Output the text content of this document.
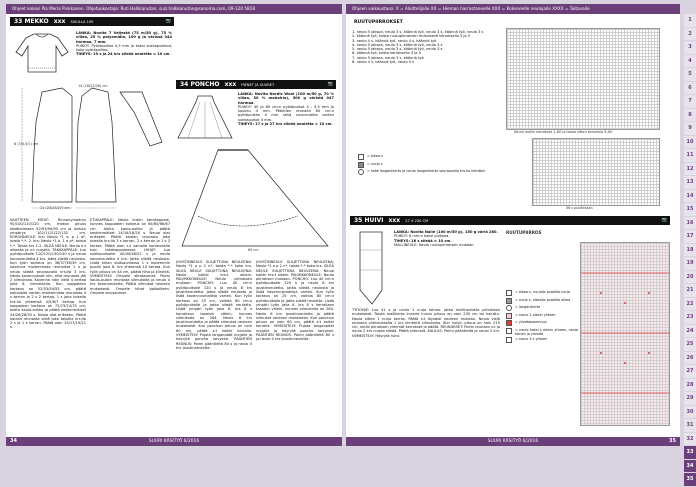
Ohjeet kokosi Pia Meria Pinkkanen. Ohjetuokostaja: Ruti Halkkanutan, suzi.halkkanutan@sanoma.com, 09-120 5818
33 MEKKO xxx SIVULLA 109	📷
LANKA: Novita 7 Veljestä (75 m/50 g), 75 % villaa, 25 % polyamidia, 100 g ja värissä 044 harmaa, 7 mm.
PUIKOT: Pyöröpuikko 4,5 mm ja kaksi sukkapuikkoa; koko pyöröpuikko.
TIHEYS: 19 s ja 24 krs sileää neuletta = 10 cm.
8 (3/4,5/1) cm
14 (18/22/26) cm
21 (23/25/27) cm
VAATTEEN MITAT: Rinnanympärys 90/100/110/120 cm, mekon pituus kesähelmaan 92/93/94/95 cm ja lantion ympärys 102/112/122/132 cm. KORONNEULE: krs: Neulo *1 o, p 1 o*, toista *-*. 2. krs: Neulo *1 o, 1 o p*, toista *-*. Toista krs 1-2. SILEÄ NEULE: Neulo o:t oikealla ja n:t nurjalla. TAKAKAPPALE: Luo pyöröpuikolle 110/120/130/140 s ja neulo koronneuletta 4 krs. Jatka sileää neulosta. Kun työn korkeus on 36/37/38/39 cm, kavenna molemmista reunoista 1 s ja neulo sileää seuraavalla krs:lla 3 krs. Neulo kavennukset niin, että reunasta jää 2 silmukkaa. Kavenna näin vielä 4 kertaa joka 6. kerroksella. Kun kappaleen korkeus on 52/53/54/55 cm, päätä kainaloita varten molemmista reunoista 4 s kerran ja 2 s 2 kertaa, 1 s joka toisella krs:lla yhteensä 4/5/6/7 kertaa. Kun kappaleen korkeus on 72/73/74/75 cm, aloita kaula-aukko ja päätä keskimmäiset 24/26/28/30 s. Neulo olat erikseen. Päätä kaulan reunasta vielä joka toisella krs:lla 2 s ja 1 s kerran. Päätä olan 15/17/19/21 s.
ETUKAPPALE: Neulo kuten takakappale, kunnes kappaleen korkeus on 64/65/66/67 cm. Aloita kaula-aukko ja päätä keskimmäiset 14/16/18/20 s. Neulo olat erikseen. Päätä kaulan reunasta joka toisella krs:lla 3 s kerran, 2 s kerran ja 1 s 3 kertaa. Päätä olan s:t samalla korkeudella kuin takakappaleessa. HIHAT: Luo sukkapuikoille 40/44/48/52 s ja neulo koronneuletta 4 krs. Jatka sileää neulosta. Lisää hihan sisäsaumassa 1 s molemmin puolin joka 8. krs yhteensä 10 kertaa. Kun työn pituus on 44 cm, päätä hiha ja kiinnitä. VIIMEISTELY: Ompele olkasaumat. Poimi kaula-aukon reunasta silmukoita ja neulo 4 krs koronneuletta. Päätä silmukat neuleen mukaisesti. Ompele hihat paikoilleen. Ompele sivusaumat.
34 PONCHO xxx PIENET JA SUURET	📷
LANKA: Novita Nordic Wool (100 m/50 g, 70 % villaa, 30 % mohairia), 300 g väristä 047 harmaa.
PUIKOT: 40 ja 80 cm:n pyöröpuikot 4 - 4,5 mm ja koukku 4 mm. Pääntien reunaan 60 cm:n pyöröpuikko 4 mm sekä sivuneuleita varten sukkapuikot 4 mm.
TIHEYS: 17 s ja 27 krs sileää neuletta = 10 cm.
60 cm
JOUSTINNEULE SULJETTUNA NEULEENA: Neulo *1 o p 2 n*, toista *-* koko krs. SILEÄ NEULE SULJETTUNA NEULEENA: Neulo kaikki krs:t oikein. PALMIKKONEULE: Neulo piirroksen mukaan. PONCHO: Luo 40 cm:n pyöröpuikolle 120 s ja neulo 8 krs joustinneuletta. Jatka sileää neulosta ja lisää kavennusmalleja varten. Kun työn korkeus on 25 cm, vaihda 80 cm:n pyöröpuikolle ja jatka sileää neuletta. Lisää ympäri työn joka 6. krs 8 s kerrallaan tasaisin välein, kunnes silmukoita on 264. Neulo 6 krs joustinneuletta ja päätä silmukat neuleen mukaisesti. Kun ponchon pituus on noin 60 cm, päätä s:t kaikki kerralla. VIIMEISTELY: Pujota langanpäät nurjalle ja höyrytä poncho kevyesti. PÄÄNTIEN REUNUS: Poimi pääntieltä 80 s ja neulo 4 krs joustinneuletta.
JOUSTINNEULE SULJETTUNA NEULEENA: Neulo *1 o p 2 n*, toista *-* koko krs. SILEÄ NEULE SULJETTUNA NEULEENA: Neulo kaikki krs:t oikein. PALMIKKONEULE: Neulo piirroksen mukaan. PONCHO: Luo 40 cm:n pyöröpuikolle 120 s ja neulo 8 krs joustinneuletta. Jatka sileää neulosta ja lisää kavennusmalleja varten. Kun työn korkeus on 25 cm, vaihda 80 cm:n pyöröpuikolle ja jatka sileää neuletta. Lisää ympäri työn joka 6. krs 8 s kerrallaan tasaisin välein, kunnes silmukoita on 264. Neulo 6 krs joustinneuletta ja päätä silmukat neuleen mukaisesti. Kun ponchon pituus on noin 60 cm, päätä s:t kaikki kerralla. VIIMEISTELY: Pujota langanpäät nurjalle ja höyrytä poncho kevyesti. PÄÄNTIEN REUNUS: Poimi pääntieltä 80 s ja neulo 4 krs joustinneuletta.
SUURI KÄSITYÖ 6/2016
34
Ohjeen vaikeustaso: X = Aloittelijalle XX = Hieman harrastaneelle XXX = Kokeneelle neulojalle XXXX = Taitavalle
RUUTUPIIRROKSET
1. neulo 5 jaksoa, neulo 3 s, käännä työ, neulo 3 s, käännä työ, neulo 3 s
2. käännä työ, toista ruutupiirroksen mukaisesti kerroksella 3 ja 5
3. neulo 4 s, käännä työ, neulo 4 s, käännä työ
4. neulo 5 jaksoa, neulo 3 s, käännä työ, neulo 3 s
5. neulo 5 jaksoa, neulo 3 s, käännä työ, neulo 3 s
6. käännä työ, toista kerroksella 3 ja 5
7. neulo 5 jaksoa, neulo 3 s, käännä työ
8. neulo 4 s, käännä työ, neulo 4 s
Neulo mallin kerrokset 1–60 ja toista sitten kerroksia 9–60
56 s puolikkaan
= oikea s
= nurja s
= lisää langankierto ja neulo langankierto seuraavalla krs:lla kiertäen
35 HUIVI xxx 27 X 230 CM	📷
LANKA: Novita Nalle (100 m/50 g), 150 g väriä 280.
PUIKOT: 6 mm:n kaksi puikkoa.
TIHEYS: 16 s sileää = 10 cm.
MALLINEULE: Neulo ruutupiirroksen mukaan.
TYÖOHJE: Luo 41 s ja neulo 1 nurja kerros. Jatka mallineuletta piirroksen mukaisesti. Toista mallikerta kunnes huivin pituus on noin 230 cm tai haluttu. Neulo sitten 1 nurja kerros. Päätä s:t löysästi neuleen mukaan. Neulo vielä reunaan virkkauksella 1 krs kiinteitä silmukoita. Kun huivin pituus on noin 210 cm, neulo piirroksen ylimmät kerrokset ja päätä. REUNUKSET: Poimi reunaan s:t ja neulo 2 krs nurjaa sileää. Päätä silmukat. KAULUS: Poimi pääntieltä ja neulo 2 krs. VIIMEISTELY: Höyrytä huivi.
RUUTUPIIRROS
= oikea s, nurjalla puolella nurja
= nurja s, oikealla puolella oikea
= langankierto
= neulo 2 oikein yhteen
= ylivetokavennus
= neulo kaksi s oikein yhteen, neulo toinen ja ylivedä
= neulo 3 s yhteen
SUURI KÄSITYÖ 6/2016	35
1
2
3
4
5
6
7
8
9
10
11
12
13
14
15
16
17
18
19
20
21
22
23
24
25
26
27
28
29
30
31
32
33
34
35
